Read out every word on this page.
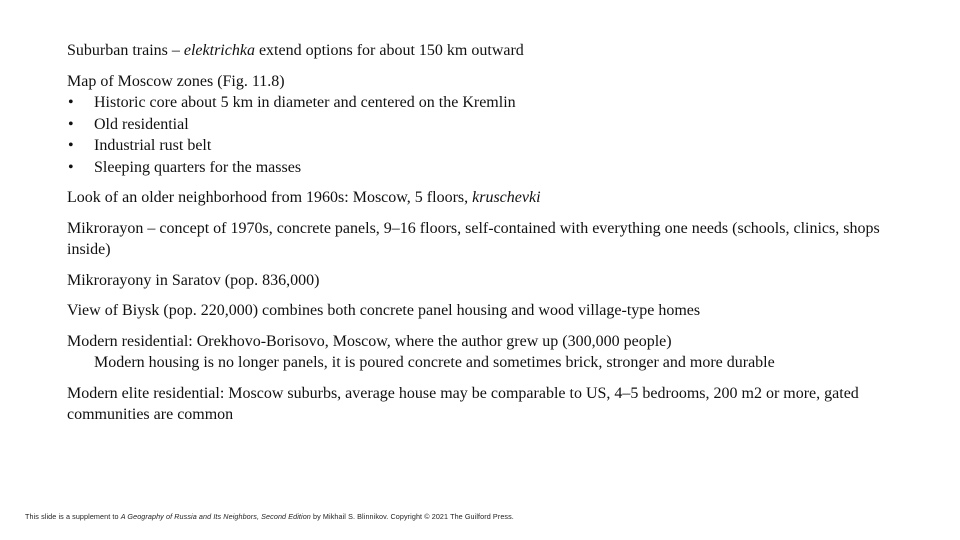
Suburban trains – elektrichka extend options for about 150 km outward

Map of Moscow zones (Fig. 11.8)

• Historic core about 5 km in diameter and centered on the Kremlin
• Old residential
• Industrial rust belt
• Sleeping quarters for the masses

Look of an older neighborhood from 1960s: Moscow, 5 floors, kruschevki

Mikrorayon – concept of 1970s, concrete panels, 9–16 floors, self-contained with everything one needs (schools, clinics, shops inside)

Mikrorayony in Saratov (pop. 836,000)

View of Biysk (pop. 220,000) combines both concrete panel housing and wood village-type homes

Modern residential: Orekhovo-Borisovo, Moscow, where the author grew up (300,000 people)

Modern housing is no longer panels, it is poured concrete and sometimes brick, stronger and more durable

Modern elite residential: Moscow suburbs, average house may be comparable to US, 4–5 bedrooms, 200 m2 or more, gated communities are common

This slide is a supplement to A Geography of Russia and Its Neighbors, Second Edition by Mikhail S. Blinnikov. Copyright © 2021 The Guilford Press.
